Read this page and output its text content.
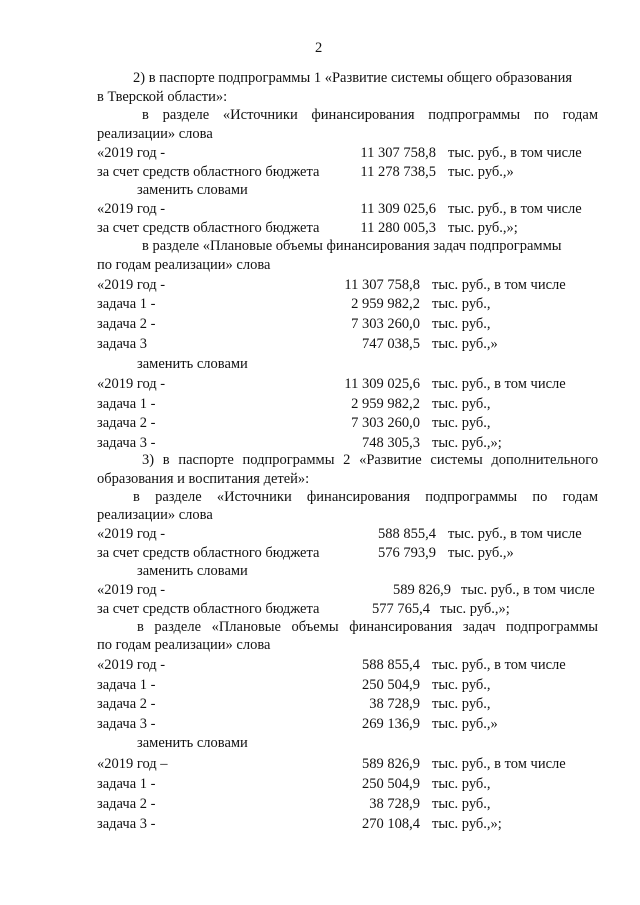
2
2) в паспорте подпрограммы 1 «Развитие системы общего образования
в Тверской области»:
в разделе «Источники финансирования подпрограммы по годам
реализации» слова
«2019 год -	11 307 758,8 тыс. руб., в том числе
за счет средств областного бюджета	11 278 738,5 тыс. руб.,»
заменить словами
«2019 год -	11 309 025,6 тыс. руб., в том числе
за счет средств областного бюджета	11 280 005,3 тыс. руб.,»;
в разделе «Плановые объемы финансирования задач подпрограммы
по годам реализации» слова
«2019 год -	11 307 758,8 тыс. руб., в том числе
задача 1 -	2 959 982,2 тыс. руб.,
задача 2 -	7 303 260,0 тыс. руб.,
задача 3	747 038,5 тыс. руб.,»
заменить словами
«2019 год -	11 309 025,6 тыс. руб., в том числе
задача 1 -	2 959 982,2 тыс. руб.,
задача 2 -	7 303 260,0 тыс. руб.,
задача 3 -	748 305,3 тыс. руб.,»;
3) в паспорте подпрограммы 2 «Развитие системы дополнительного
образования и воспитания детей»:
в разделе «Источники финансирования подпрограммы по годам
реализации» слова
«2019 год -	588 855,4 тыс. руб., в том числе
за счет средств областного бюджета	576 793,9 тыс. руб.,»
заменить словами
«2019 год -	589 826,9 тыс. руб., в том числе
за счет средств областного бюджета	577 765,4 тыс. руб.,»;
в разделе «Плановые объемы финансирования задач подпрограммы
по годам реализации» слова
«2019 год -	588 855,4 тыс. руб., в том числе
задача 1 -	250 504,9 тыс. руб.,
задача 2 -	38 728,9 тыс. руб.,
задача 3 -	269 136,9 тыс. руб.,»
заменить словами
«2019 год –	589 826,9 тыс. руб., в том числе
задача 1 -	250 504,9 тыс. руб.,
задача 2 -	38 728,9 тыс. руб.,
задача 3 -	270 108,4 тыс. руб.,»;
